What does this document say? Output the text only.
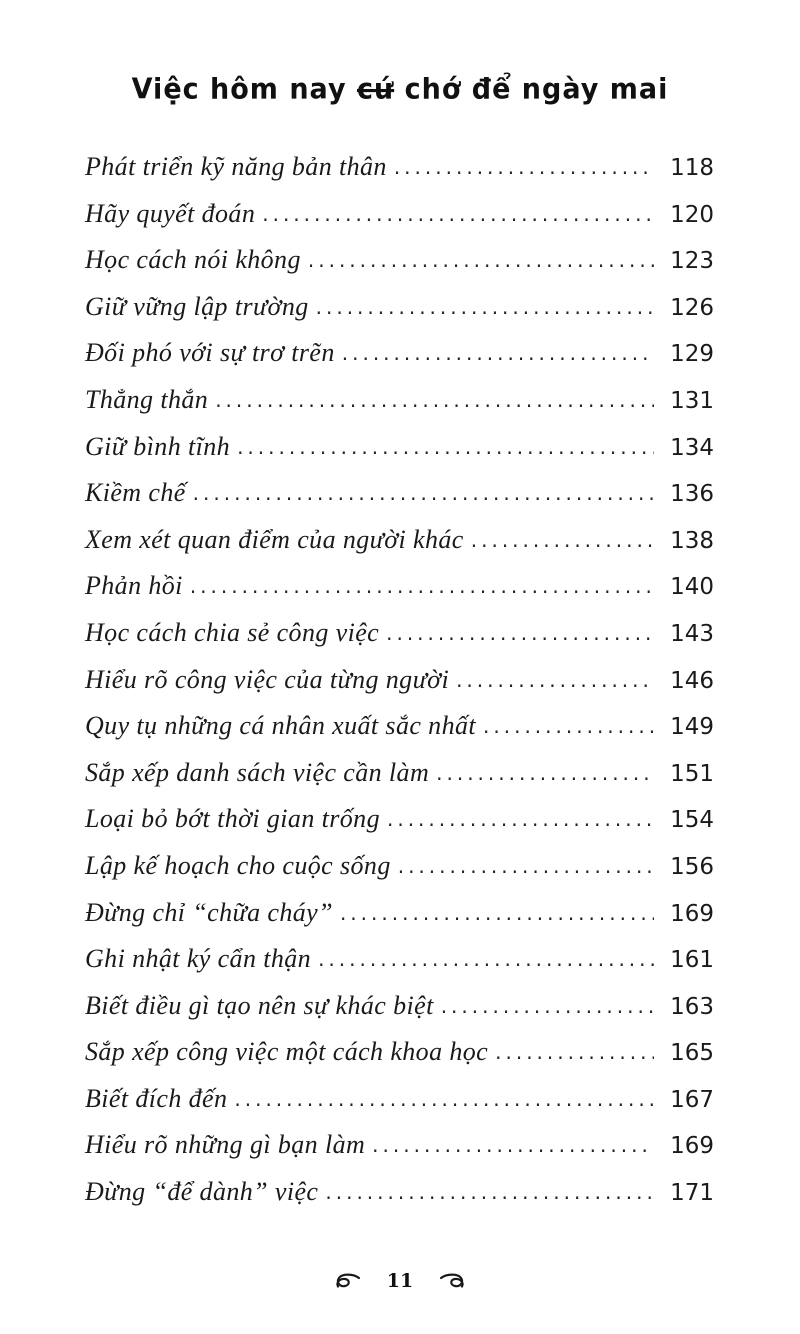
Việc hôm nay cứ chớ để ngày mai
Phát triển kỹ năng bản thân .....	118
Hãy quyết đoán .....	120
Học cách nói không .....	123
Giữ vững lập trường .....	126
Đối phó với sự trơ trẽn .....	129
Thẳng thắn .....	131
Giữ bình tĩnh .....	134
Kiềm chế .....	136
Xem xét quan điểm của người khác .....	138
Phản hồi .....	140
Học cách chia sẻ công việc .....	143
Hiểu rõ công việc của từng người .....	146
Quy tụ những cá nhân xuất sắc nhất .....	149
Sắp xếp danh sách việc cần làm .....	151
Loại bỏ bớt thời gian trống .....	154
Lập kế hoạch cho cuộc sống .....	156
Đừng chỉ “chữa cháy” .....	169
Ghi nhật ký cẩn thận .....	161
Biết điều gì tạo nên sự khác biệt .....	163
Sắp xếp công việc một cách khoa học .....	165
Biết đích đến .....	167
Hiểu rõ những gì bạn làm .....	169
Đừng “để dành” việc .....	171
11
